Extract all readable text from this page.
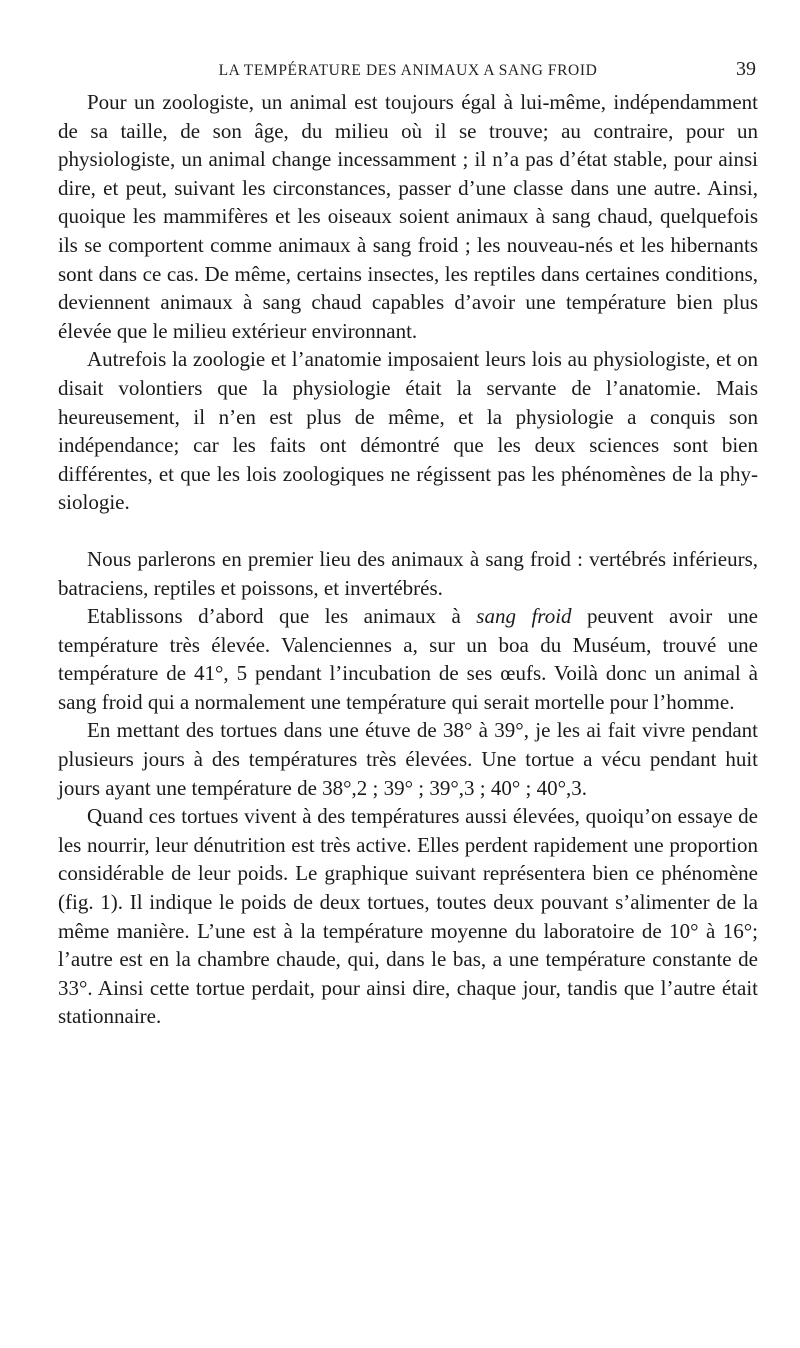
LA TEMPÉRATURE DES ANIMAUX A SANG FROID	39

Pour un zoologiste, un animal est toujours égal à lui-même, indépendamment de sa taille, de son âge, du milieu où il se trouve; au contraire, pour un physiologiste, un animal change incessamment ; il n’a pas d’état stable, pour ainsi dire, et peut, suivant les circonstances, passer d’une classe dans une autre. Ainsi, quoique les mammifères et les oiseaux soient animaux à sang chaud, quelquefois ils se comportent comme animaux à sang froid ; les nouveau-nés et les hibernants sont dans ce cas. De même, certains insectes, les reptiles dans certaines conditions, deviennent animaux à sang chaud capables d’avoir une température bien plus élevée que le milieu extérieur environnant.

Autrefois la zoologie et l’anatomie imposaient leurs lois au physiologiste, et on disait volontiers que la physiologie était la servante de l’anatomie. Mais heureusement, il n’en est plus de même, et la physiologie a conquis son indépendance; car les faits ont démontré que les deux sciences sont bien différentes, et que les lois zoologiques ne régissent pas les phénomènes de la physiologie.

Nous parlerons en premier lieu des animaux à sang froid : vertébrés inférieurs, batraciens, reptiles et poissons, et invertébrés.

Etablissons d’abord que les animaux à sang froid peuvent avoir une température très élevée. Valenciennes a, sur un boa du Muséum, trouvé une température de 41°, 5 pendant l’incubation de ses œufs. Voilà donc un animal à sang froid qui a normalement une température qui serait mortelle pour l’homme.

En mettant des tortues dans une étuve de 38° à 39°, je les ai fait vivre pendant plusieurs jours à des températures très élevées. Une tortue a vécu pendant huit jours ayant une température de 38°,2 ; 39° ; 39°,3 ; 40° ; 40°,3.

Quand ces tortues vivent à des températures aussi élevées, quoiqu’on essaye de les nourrir, leur dénutrition est très active. Elles perdent rapidement une proportion considérable de leur poids. Le graphique suivant représentera bien ce phénomène (fig. 1). Il indique le poids de deux tortues, toutes deux pouvant s’alimenter de la même manière. L’une est à la température moyenne du laboratoire de 10° à 16°; l’autre est en la chambre chaude, qui, dans le bas, a une température constante de 33°. Ainsi cette tortue perdait, pour ainsi dire, chaque jour, tandis que l’autre était stationnaire.
